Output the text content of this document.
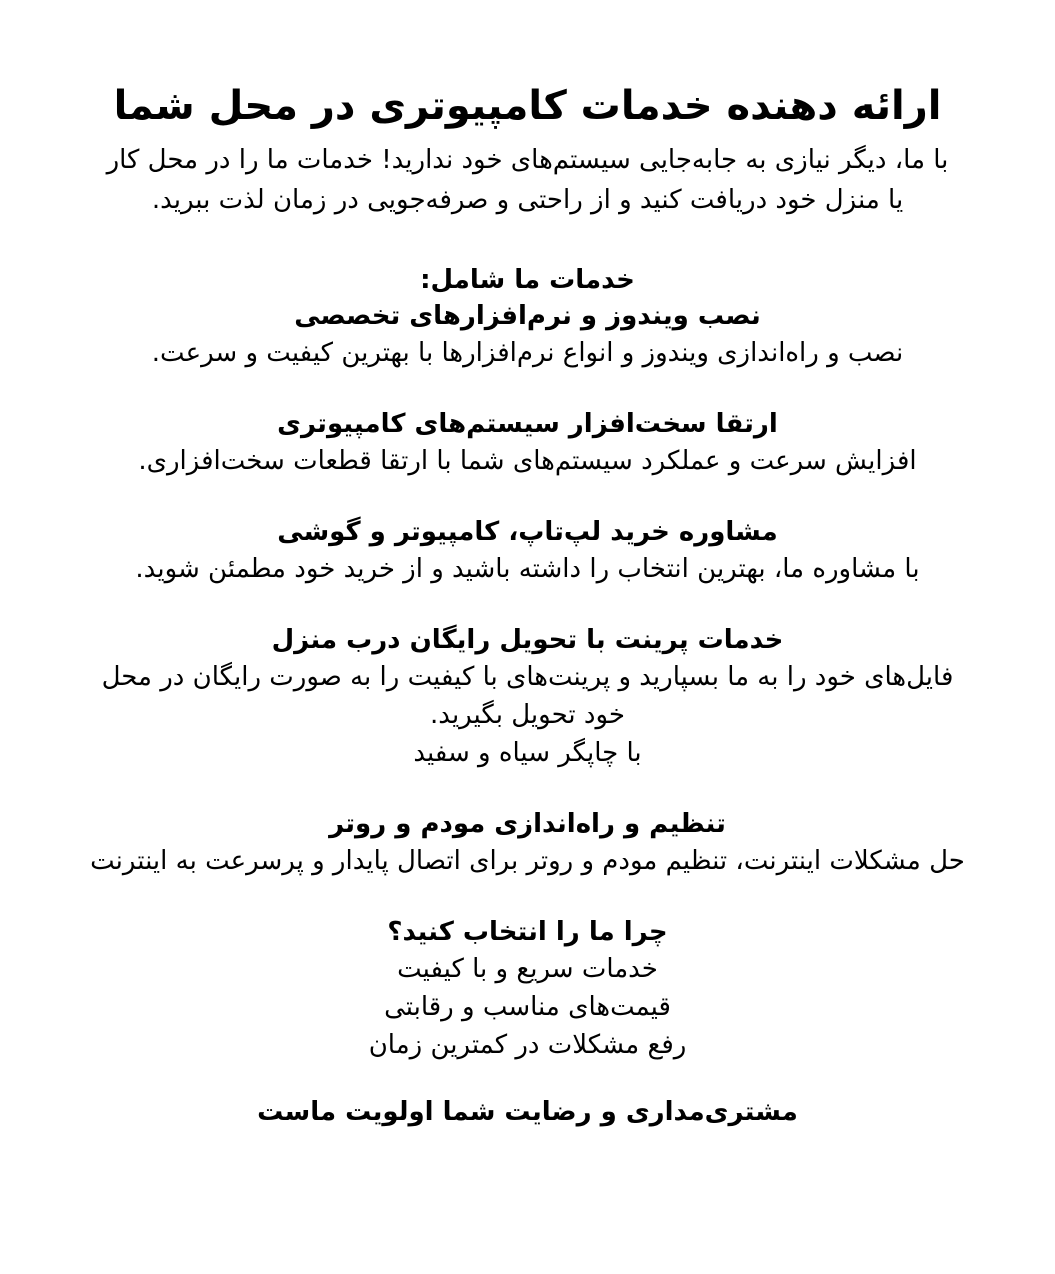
ارائه دهنده خدمات کامپیوتری در محل شما
با ما، دیگر نیازی به جابه‌جایی سیستم‌های خود ندارید! خدمات ما را در محل کار یا منزل خود دریافت کنید و از راحتی و صرفه‌جویی در زمان لذت ببرید.
خدمات ما شامل:
نصب ویندوز و نرم‌افزارهای تخصصی
نصب و راه‌اندازی ویندوز و انواع نرم‌افزارها با بهترین کیفیت و سرعت.
ارتقا سخت‌افزار سیستم‌های کامپیوتری
افزایش سرعت و عملکرد سیستم‌های شما با ارتقا قطعات سخت‌افزاری.
مشاوره خرید لپ‌تاپ، کامپیوتر و گوشی
با مشاوره ما، بهترین انتخاب را داشته باشید و از خرید خود مطمئن شوید.
خدمات پرینت با تحویل رایگان درب منزل
فایل‌های خود را به ما بسپارید و پرینت‌های با کیفیت را به صورت رایگان در محل خود تحویل بگیرید.
با چاپگر سیاه و سفید
تنظیم و راه‌اندازی مودم و روتر
حل مشکلات اینترنت، تنظیم مودم و روتر برای اتصال پایدار و پرسرعت به اینترنت
چرا ما را انتخاب کنید؟
خدمات سریع و با کیفیت
قیمت‌های مناسب و رقابتی
رفع مشکلات در کمترین زمان
مشتری‌مداری و رضایت شما اولویت ماست
